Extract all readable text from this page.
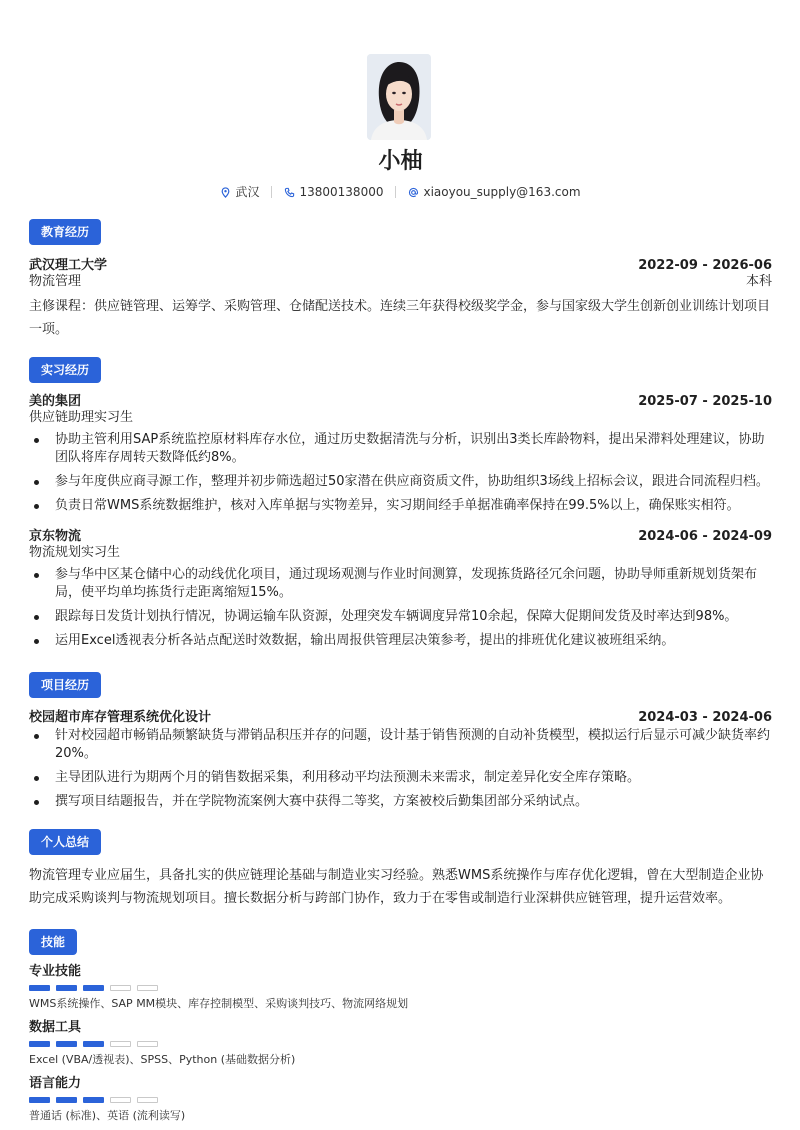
小柚
武汉	13800138000	xiaoyou_supply@163.com
教育经历
武汉理工大学	2022-09 - 2026-06
物流管理	本科
主修课程：供应链管理、运筹学、采购管理、仓储配送技术。连续三年获得校级奖学金，参与国家级大学生创新创业训练计划项目一项。
实习经历
美的集团	2025-07 - 2025-10
供应链助理实习生
协助主管利用SAP系统监控原材料库存水位，通过历史数据清洗与分析，识别出3类长库龄物料，提出呆滞料处理建议，协助团队将库存周转天数降低约8%。
参与年度供应商寻源工作，整理并初步筛选超过50家潜在供应商资质文件，协助组织3场线上招标会议，跟进合同流程归档。
负责日常WMS系统数据维护，核对入库单据与实物差异，实习期间经手单据准确率保持在99.5%以上，确保账实相符。
京东物流	2024-06 - 2024-09
物流规划实习生
参与华中区某仓储中心的动线优化项目，通过现场观测与作业时间测算，发现拣货路径冗余问题，协助导师重新规划货架布局，使平均单均拣货行走距离缩短15%。
跟踪每日发货计划执行情况，协调运输车队资源，处理突发车辆调度异常10余起，保障大促期间发货及时率达到98%。
运用Excel透视表分析各站点配送时效数据，输出周报供管理层决策参考，提出的排班优化建议被班组采纳。
项目经历
校园超市库存管理系统优化设计	2024-03 - 2024-06
针对校园超市畅销品频繁缺货与滞销品积压并存的问题，设计基于销售预测的自动补货模型，模拟运行后显示可减少缺货率约20%。
主导团队进行为期两个月的销售数据采集，利用移动平均法预测未来需求，制定差异化安全库存策略。
撰写项目结题报告，并在学院物流案例大赛中获得二等奖，方案被校后勤集团部分采纳试点。
个人总结
物流管理专业应届生，具备扎实的供应链理论基础与制造业实习经验。熟悉WMS系统操作与库存优化逻辑，曾在大型制造企业协助完成采购谈判与物流规划项目。擅长数据分析与跨部门协作，致力于在零售或制造行业深耕供应链管理，提升运营效率。
技能
专业技能
WMS系统操作、SAP MM模块、库存控制模型、采购谈判技巧、物流网络规划
数据工具
Excel (VBA/透视表)、SPSS、Python (基础数据分析)
语言能力
普通话 (标准)、英语 (流利读写)
